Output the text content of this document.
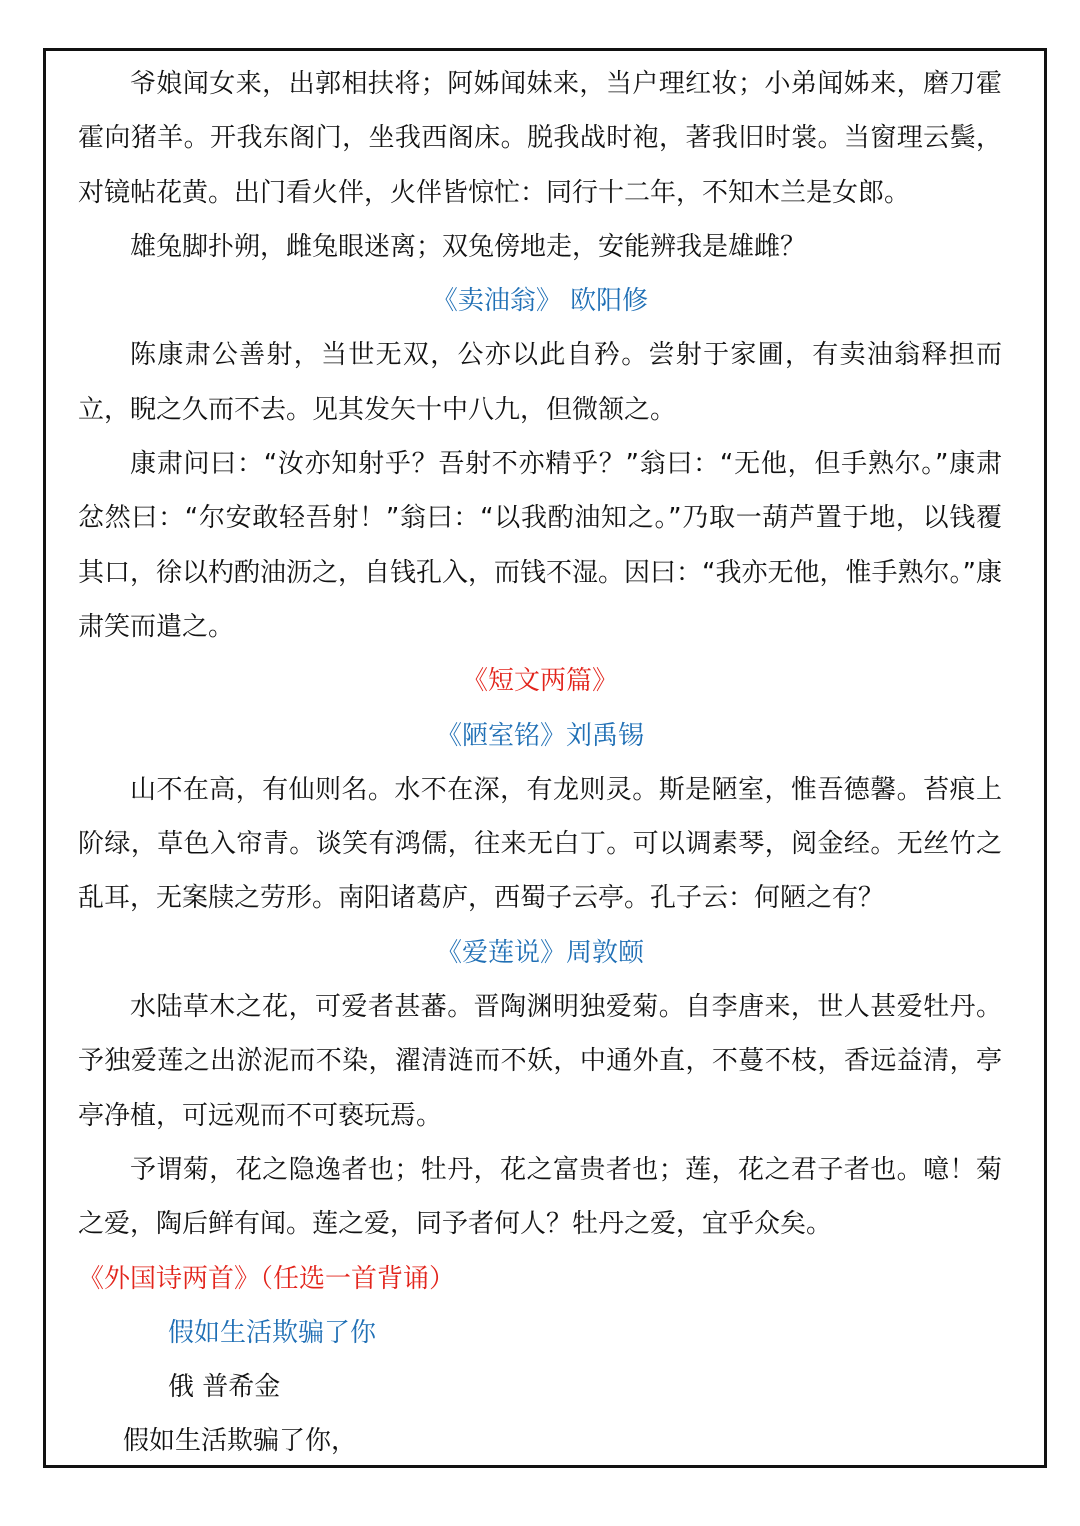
爷娘闻女来，出郭相扶将；阿姊闻妹来，当户理红妆；小弟闻姊来，磨刀霍霍向猪羊。开我东阁门，坐我西阁床。脱我战时袍，著我旧时裳。当窗理云鬓，对镜帖花黄。出门看火伴，火伴皆惊忙：同行十二年，不知木兰是女郎。

雄兔脚扑朔，雌兔眼迷离；双兔傍地走，安能辨我是雄雌？

《卖油翁》 欧阳修

陈康肃公善射，当世无双，公亦以此自矜。尝射于家圃，有卖油翁释担而立，睨之久而不去。见其发矢十中八九，但微颔之。

康肃问曰：“汝亦知射乎？吾射不亦精乎？”翁曰：“无他，但手熟尔。”康肃忿然曰：“尔安敢轻吾射！”翁曰：“以我酌油知之。”乃取一葫芦置于地，以钱覆其口，徐以杓酌油沥之，自钱孔入，而钱不湿。因曰：“我亦无他，惟手熟尔。”康肃笑而遣之。

《短文两篇》

《陋室铭》刘禹锡

山不在高，有仙则名。水不在深，有龙则灵。斯是陋室，惟吾德馨。苔痕上阶绿，草色入帘青。谈笑有鸿儒，往来无白丁。可以调素琴，阅金经。无丝竹之乱耳，无案牍之劳形。南阳诸葛庐，西蜀子云亭。孔子云：何陋之有？

《爱莲说》周敦颐

水陆草木之花，可爱者甚蕃。晋陶渊明独爱菊。自李唐来，世人甚爱牡丹。予独爱莲之出淤泥而不染，濯清涟而不妖，中通外直，不蔓不枝，香远益清，亭亭净植，可远观而不可亵玩焉。

予谓菊，花之隐逸者也；牡丹，花之富贵者也；莲，花之君子者也。噫！菊之爱，陶后鲜有闻。莲之爱，同予者何人？牡丹之爱，宜乎众矣。

《外国诗两首》（任选一首背诵）

假如生活欺骗了你

俄 普希金

假如生活欺骗了你，
